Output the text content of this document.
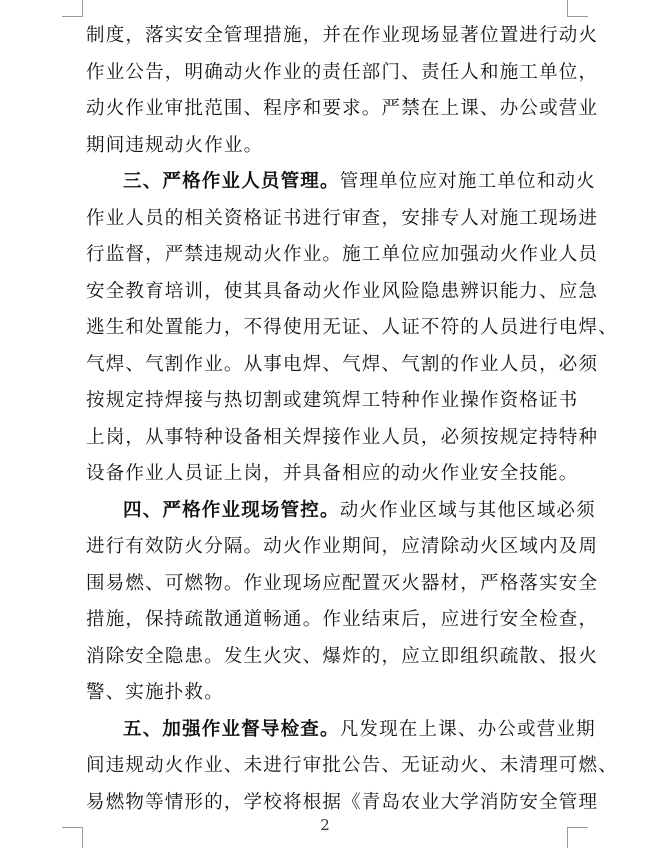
制度，落实安全管理措施，并在作业现场显著位置进行动火
作业公告，明确动火作业的责任部门、责任人和施工单位，
动火作业审批范围、程序和要求。严禁在上课、办公或营业
期间违规动火作业。
三、严格作业人员管理。管理单位应对施工单位和动火
作业人员的相关资格证书进行审查，安排专人对施工现场进
行监督，严禁违规动火作业。施工单位应加强动火作业人员
安全教育培训，使其具备动火作业风险隐患辨识能力、应急
逃生和处置能力，不得使用无证、人证不符的人员进行电焊、
气焊、气割作业。从事电焊、气焊、气割的作业人员，必须
按规定持焊接与热切割或建筑焊工特种作业操作资格证书
上岗，从事特种设备相关焊接作业人员，必须按规定持特种
设备作业人员证上岗，并具备相应的动火作业安全技能。
四、严格作业现场管控。动火作业区域与其他区域必须
进行有效防火分隔。动火作业期间，应清除动火区域内及周
围易燃、可燃物。作业现场应配置灭火器材，严格落实安全
措施，保持疏散通道畅通。作业结束后，应进行安全检查，
消除安全隐患。发生火灾、爆炸的，应立即组织疏散、报火
警、实施扑救。
五、加强作业督导检查。凡发现在上课、办公或营业期
间违规动火作业、未进行审批公告、无证动火、未清理可燃、
易燃物等情形的，学校将根据《青岛农业大学消防安全管理
2
